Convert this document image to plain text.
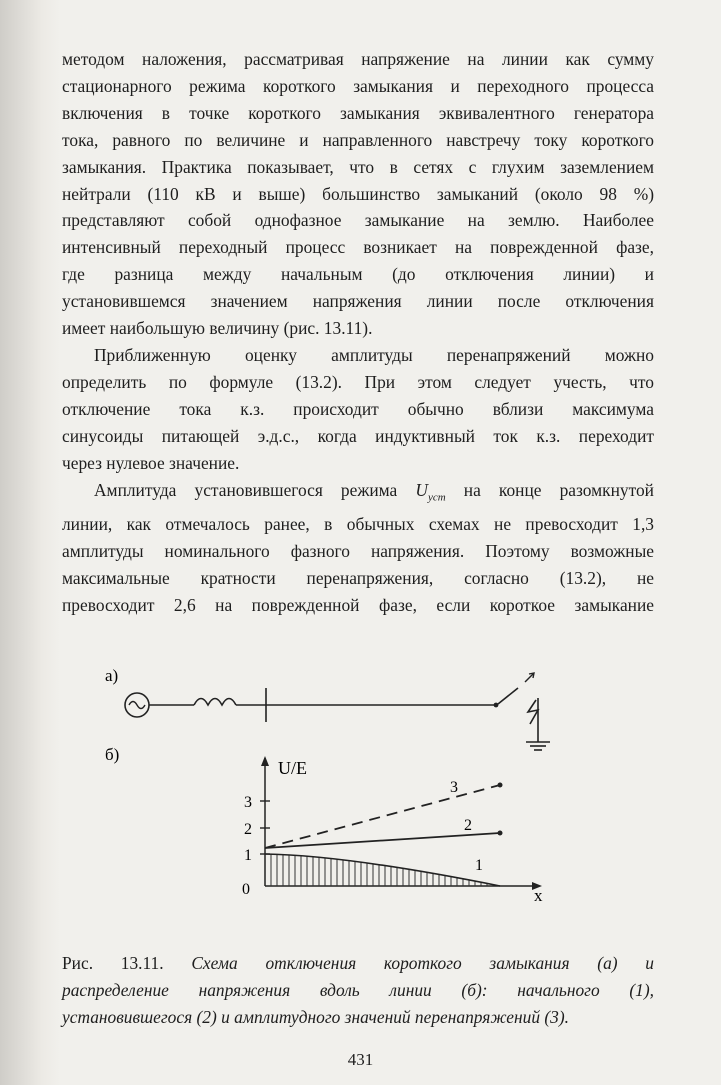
методом наложения, рассматривая напряжение на линии как сумму
стационарного режима короткого замыкания и переходного процесса
включения в точке короткого замыкания эквивалентного генератора
тока, равного по величине и направленного навстречу току короткого
замыкания. Практика показывает, что в сетях с глухим заземлением
нейтрали (110 кВ и выше) большинство замыканий (около 98 %)
представляют собой однофазное замыкание на землю. Наиболее
интенсивный переходный процесс возникает на поврежденной фазе,
где разница между начальным (до отключения линии) и
установившемся значением напряжения линии после отключения
имеет наибольшую величину (рис. 13.11).

Приближенную оценку амплитуды перенапряжений можно
определить по формуле (13.2). При этом следует учесть, что
отключение тока к.з. происходит обычно вблизи максимума
синусоиды питающей э.д.с., когда индуктивный ток к.з. переходит
через нулевое значение.

Амплитуда установившегося режима $U_{уст}$ на конце разомкнутой
линии, как отмечалось ранее, в обычных схемах не превосходит 1,3
амплитуды номинального фазного напряжения. Поэтому возможные
максимальные кратности перенапряжения, согласно (13.2), не
превосходит 2,6 на поврежденной фазе, если короткое замыкание

а)
б)
U/E
x
0
1
2
3
1
2
3
Рис. 13.11. Схема отключения короткого замыкания (а) и
распределение напряжения вдоль линии (б): начального (1),
установившегося (2) и амплитудного значений перенапряжений (3).
431
